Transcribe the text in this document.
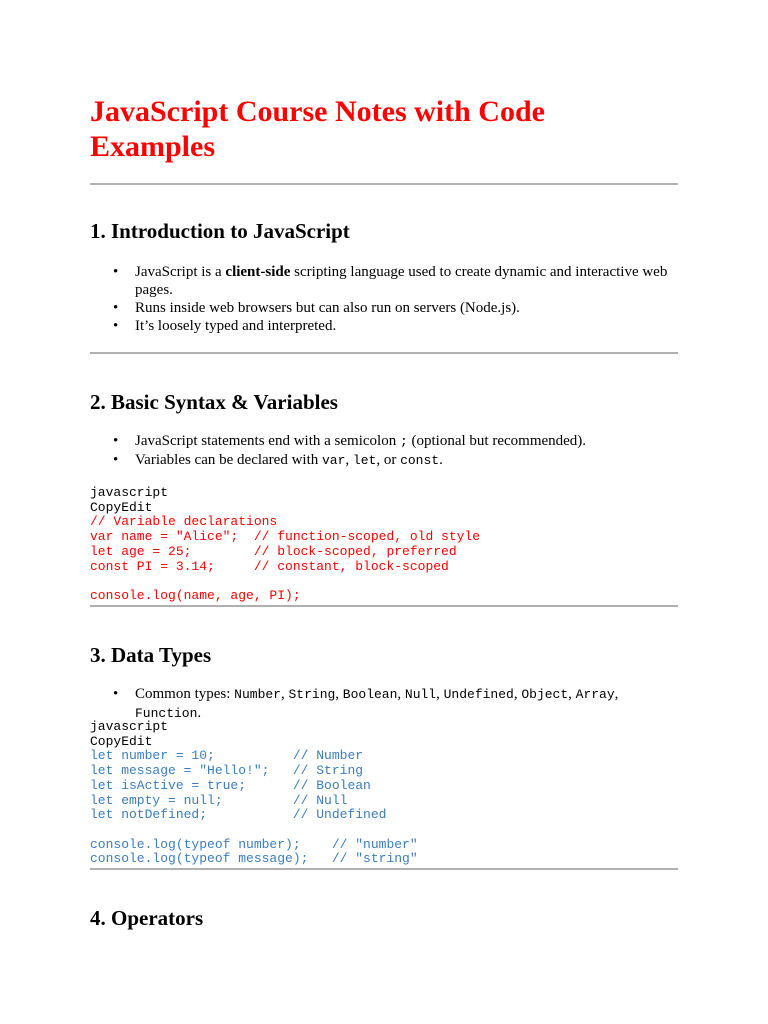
JavaScript Course Notes with Code Examples
1. Introduction to JavaScript
• JavaScript is a client-side scripting language used to create dynamic and interactive web pages.
• Runs inside web browsers but can also run on servers (Node.js).
• It’s loosely typed and interpreted.
2. Basic Syntax & Variables
• JavaScript statements end with a semicolon ; (optional but recommended).
• Variables can be declared with var, let, or const.
javascript
CopyEdit
// Variable declarations
var name = "Alice";  // function-scoped, old style
let age = 25;        // block-scoped, preferred
const PI = 3.14;     // constant, block-scoped

console.log(name, age, PI);
3. Data Types
• Common types: Number, String, Boolean, Null, Undefined, Object, Array, Function.
javascript
CopyEdit
let number = 10;          // Number
let message = "Hello!";   // String
let isActive = true;      // Boolean
let empty = null;         // Null
let notDefined;           // Undefined

console.log(typeof number);    // "number"
console.log(typeof message);   // "string"
4. Operators
